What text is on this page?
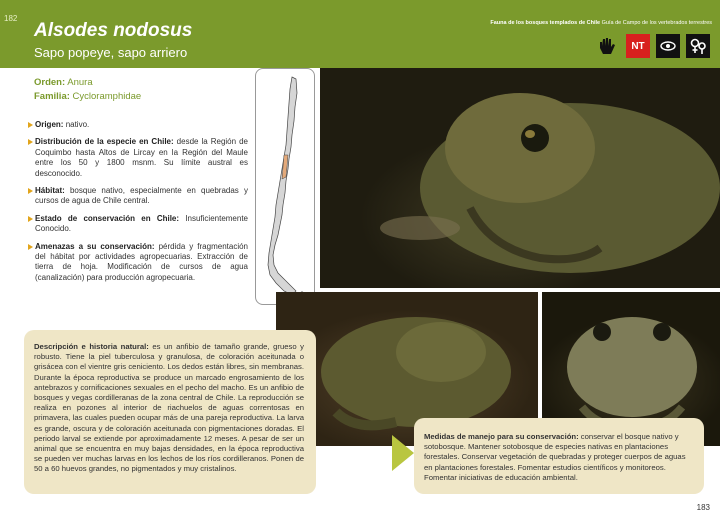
182
Alsodes nodosus
Sapo popeye, sapo arriero
Fauna de los bosques templados de Chile Guía de Campo de los vertebrados terrestres
NT
Orden: Anura
Familia: Cycloramphidae
Origen: nativo.
Distribución de la especie en Chile: desde la Región de Coquimbo hasta Altos de Lircay en la Región del Maule entre los 50 y 1800 msnm. Su límite austral es desconocido.
Hábitat: bosque nativo, especialmente en quebradas y cursos de agua de Chile central.
Estado de conservación en Chile: Insuficientemente Conocido.
Amenazas a su conservación: pérdida y fragmentación del hábitat por actividades agropecuarias. Extracción de tierra de hoja. Modificación de cursos de agua (canalización) para producción agropecuaria.
Descripción e historia natural: es un anfibio de tamaño grande, grueso y robusto. Tiene la piel tuberculosa y granulosa, de coloración aceitunada o grisácea con el vientre gris ceniciento. Los dedos están libres, sin membranas. Durante la época reproductiva se produce un marcado engrosamiento de los antebrazos y cornificaciones sexuales en el pecho del macho. Es un anfibio de bosques y vegas cordilleranas de la zona central de Chile. La reproducción se realiza en pozones al interior de riachuelos de aguas correntosas en primavera, las cuales pueden ocupar más de una pareja reproductiva. La larva es grande, oscura y de coloración aceitunada con pigmentaciones doradas. El periodo larval se extiende por aproximadamente 12 meses. A pesar de ser un animal que se encuentra en muy bajas densidades, en la época reproductiva se pueden ver muchas larvas en los lechos de los ríos cordilleranos. Ponen de 50 a 60 huevos grandes, no pigmentados y muy cristalinos.
Medidas de manejo para su conservación: conservar el bosque nativo y sotobosque. Mantener sotobosque de especies nativas en plantaciones forestales. Conservar vegetación de quebradas y proteger cuerpos de aguas en plantaciones forestales. Fomentar estudios científicos y monitoreos. Fomentar iniciativas de educación ambiental.
183
